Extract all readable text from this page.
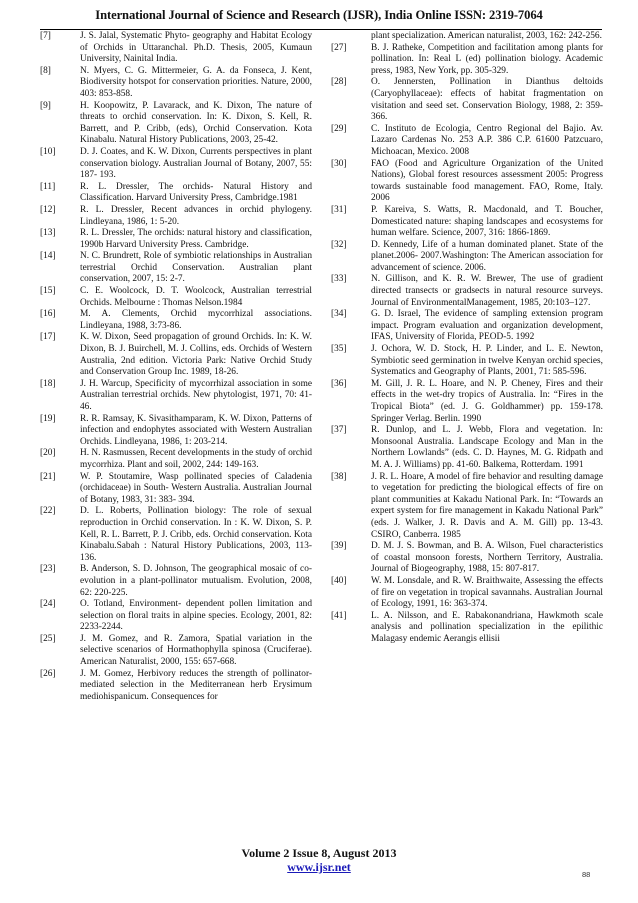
International Journal of Science and Research (IJSR), India Online ISSN: 2319-7064
[7]	J. S. Jalal, Systematic Phyto- geography and Habitat Ecology of Orchids in Uttaranchal. Ph.D. Thesis, 2005, Kumaun University, Nainital India.
[8]	N. Myers, C. G. Mittermeier, G. A. da Fonseca, J. Kent, Biodiversity hotspot for conservation priorities. Nature, 2000, 403: 853-858.
[9]	H. Koopowitz, P. Lavarack, and K. Dixon, The nature of threats to orchid conservation. In: K. Dixon, S. Kell, R. Barrett, and P. Cribb, (eds), Orchid Conservation. Kota Kinabalu. Natural History Publications, 2003, 25-42.
[10]	D. J. Coates, and K. W. Dixon, Currents perspectives in plant conservation biology. Australian Journal of Botany, 2007, 55: 187- 193.
[11]	R. L. Dressler, The orchids- Natural History and Classification. Harvard University Press, Cambridge.1981
[12]	R. L. Dressler, Recent advances in orchid phylogeny. Lindleyana, 1986, 1: 5-20.
[13]	R. L. Dressler, The orchids: natural history and classification, 1990b Harvard University Press. Cambridge.
[14]	N. C. Brundrett, Role of symbiotic relationships in Australian terrestrial Orchid Conservation. Australian plant conservation, 2007, 15: 2-7.
[15]	C. E. Woolcock, D. T. Woolcock, Australian terrestrial Orchids. Melbourne : Thomas Nelson.1984
[16]	M. A. Clements, Orchid mycorrhizal associations. Lindleyana, 1988, 3:73-86.
[17]	K. W. Dixon, Seed propagation of ground Orchids. In: K. W. Dixon, B. J. Buirchell, M. J. Collins, eds. Orchids of Western Australia, 2nd edition. Victoria Park: Native Orchid Study and Conservation Group Inc. 1989, 18-26.
[18]	J. H. Warcup, Specificity of mycorrhizal association in some Australian terrestrial orchids. New phytologist, 1971, 70: 41-46.
[19]	R. R. Ramsay, K. Sivasithamparam, K. W. Dixon, Patterns of infection and endophytes associated with Western Australian Orchids. Lindleyana, 1986, 1: 203-214.
[20]	H. N. Rasmussen, Recent developments in the study of orchid mycorrhiza. Plant and soil, 2002, 244: 149-163.
[21]	W. P. Stoutamire, Wasp pollinated species of Caladenia (orchidaceae) in South- Western Australia. Australian Journal of Botany, 1983, 31: 383- 394.
[22]	D. L. Roberts, Pollination biology: The role of sexual reproduction in Orchid conservation. In : K. W. Dixon, S. P. Kell, R. L. Barrett, P. J. Cribb, eds. Orchid conservation. Kota Kinabalu.Sabah : Natural History Publications, 2003, 113- 136.
[23]	B. Anderson, S. D. Johnson, The geographical mosaic of co- evolution in a plant-pollinator mutualism. Evolution, 2008, 62: 220-225.
[24]	O. Totland, Environment- dependent pollen limitation and selection on floral traits in alpine species. Ecology, 2001, 82: 2233-2244.
[25]	J. M. Gomez, and R. Zamora, Spatial variation in the selective scenarios of Hormathophylla spinosa (Cruciferae). American Naturalist, 2000, 155: 657-668.
[26]	J. M. Gomez, Herbivory reduces the strength of pollinator-mediated selection in the Mediterranean herb Erysimum mediohispanicum. Consequences for
plant specialization. American naturalist, 2003, 162: 242-256.
[27]	B. J. Ratheke, Competition and facilitation among plants for pollination. In: Real L (ed) pollination biology. Academic press, 1983, New York, pp. 305-329.
[28]	O. Jennersten, Pollination in Dianthus deltoids (Caryophyllaceae): effects of habitat fragmentation on visitation and seed set. Conservation Biology, 1988, 2: 359-366.
[29]	C. Instituto de Ecologia, Centro Regional del Bajio. Av. Lazaro Cardenas No. 253 A.P. 386 C.P. 61600 Patzcuaro, Michoacan, Mexico. 2008
[30]	FAO (Food and Agriculture Organization of the United Nations), Global forest resources assessment 2005: Progress towards sustainable food management. FAO, Rome, Italy. 2006
[31]	P. Kareiva, S. Watts, R. Macdonald, and T. Boucher, Domesticated nature: shaping landscapes and ecosystems for human welfare. Science, 2007, 316: 1866-1869.
[32]	D. Kennedy, Life of a human dominated planet. State of the planet.2006- 2007.Washington: The American association for advancement of science. 2006.
[33]	N. Gillison, and K. R. W. Brewer, The use of gradient directed transects or gradsects in natural resource surveys. Journal of EnvironmentalManagement, 1985, 20:103–127.
[34]	G. D. Israel, The evidence of sampling extension program impact. Program evaluation and organization development, IFAS, University of Florida, PEOD-5. 1992
[35]	J. Ochora, W. D. Stock, H. P. Linder, and L. E. Newton, Symbiotic seed germination in twelve Kenyan orchid species, Systematics and Geography of Plants, 2001, 71: 585-596.
[36]	M. Gill, J. R. L. Hoare, and N. P. Cheney, Fires and their effects in the wet-dry tropics of Australia. In: “Fires in the Tropical Biota” (ed. J. G. Goldhammer) pp. 159-178. Springer Verlag. Berlin. 1990
[37]	R. Dunlop, and L. J. Webb, Flora and vegetation. In: Monsoonal Australia. Landscape Ecology and Man in the Northern Lowlands” (eds. C. D. Haynes, M. G. Ridpath and M. A. J. Williams) pp. 41-60. Balkema, Rotterdam. 1991
[38]	J. R. L. Hoare, A model of fire behavior and resulting damage to vegetation for predicting the biological effects of fire on plant communities at Kakadu National Park. In: “Towards an expert system for fire management in Kakadu National Park” (eds. J. Walker, J. R. Davis and A. M. Gill) pp. 13-43. CSIRO, Canberra. 1985
[39]	D. M. J. S. Bowman, and B. A. Wilson, Fuel characteristics of coastal monsoon forests, Northern Territory, Australia. Journal of Biogeography, 1988, 15: 807-817.
[40]	W. M. Lonsdale, and R. W. Braithwaite, Assessing the effects of fire on vegetation in tropical savannahs. Australian Journal of Ecology, 1991, 16: 363-374.
[41]	L. A. Nilsson, and E. Rabakonandriana, Hawkmoth scale analysis and pollination specialization in the epilithic Malagasy endemic Aerangis ellisii
Volume 2 Issue 8, August 2013
www.ijsr.net
88
